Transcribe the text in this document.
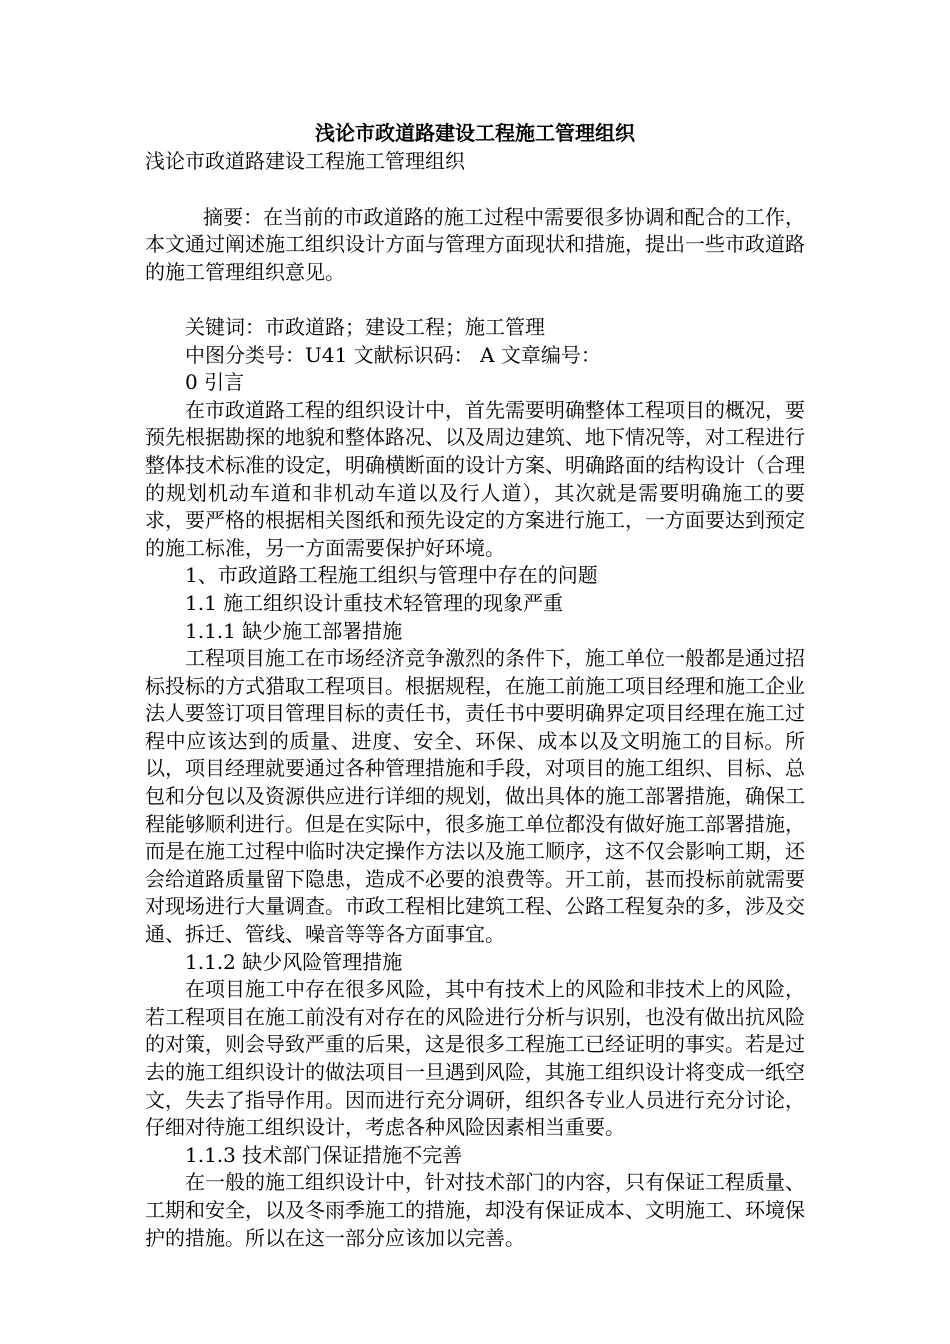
浅论市政道路建设工程施工管理组织
浅论市政道路建设工程施工管理组织

摘要：在当前的市政道路的施工过程中需要很多协调和配合的工作，本文通过阐述施工组织设计方面与管理方面现状和措施，提出一些市政道路的施工管理组织意见。

关键词：市政道路；建设工程；施工管理
中图分类号：U41 文献标识码： A 文章编号：
0 引言

在市政道路工程的组织设计中，首先需要明确整体工程项目的概况，要预先根据勘探的地貌和整体路况、以及周边建筑、地下情况等，对工程进行整体技术标准的设定，明确横断面的设计方案、明确路面的结构设计（合理的规划机动车道和非机动车道以及行人道），其次就是需要明确施工的要求，要严格的根据相关图纸和预先设定的方案进行施工，一方面要达到预定的施工标准，另一方面需要保护好环境。

1、市政道路工程施工组织与管理中存在的问题
1.1 施工组织设计重技术轻管理的现象严重
1.1.1 缺少施工部署措施

工程项目施工在市场经济竞争激烈的条件下，施工单位一般都是通过招标投标的方式猎取工程项目。根据规程，在施工前施工项目经理和施工企业法人要签订项目管理目标的责任书，责任书中要明确界定项目经理在施工过程中应该达到的质量、进度、安全、环保、成本以及文明施工的目标。所以，项目经理就要通过各种管理措施和手段，对项目的施工组织、目标、总包和分包以及资源供应进行详细的规划，做出具体的施工部署措施，确保工程能够顺利进行。但是在实际中，很多施工单位都没有做好施工部署措施，而是在施工过程中临时决定操作方法以及施工顺序，这不仅会影响工期，还会给道路质量留下隐患，造成不必要的浪费等。开工前，甚而投标前就需要对现场进行大量调查。市政工程相比建筑工程、公路工程复杂的多，涉及交通、拆迁、管线、噪音等等各方面事宜。

1.1.2 缺少风险管理措施

在项目施工中存在很多风险，其中有技术上的风险和非技术上的风险，若工程项目在施工前没有对存在的风险进行分析与识别，也没有做出抗风险的对策，则会导致严重的后果，这是很多工程施工已经证明的事实。若是过去的施工组织设计的做法项目一旦遇到风险，其施工组织设计将变成一纸空文，失去了指导作用。因而进行充分调研，组织各专业人员进行充分讨论，仔细对待施工组织设计，考虑各种风险因素相当重要。

1.1.3 技术部门保证措施不完善

在一般的施工组织设计中，针对技术部门的内容，只有保证工程质量、工期和安全，以及冬雨季施工的措施，却没有保证成本、文明施工、环境保护的措施。所以在这一部分应该加以完善。
